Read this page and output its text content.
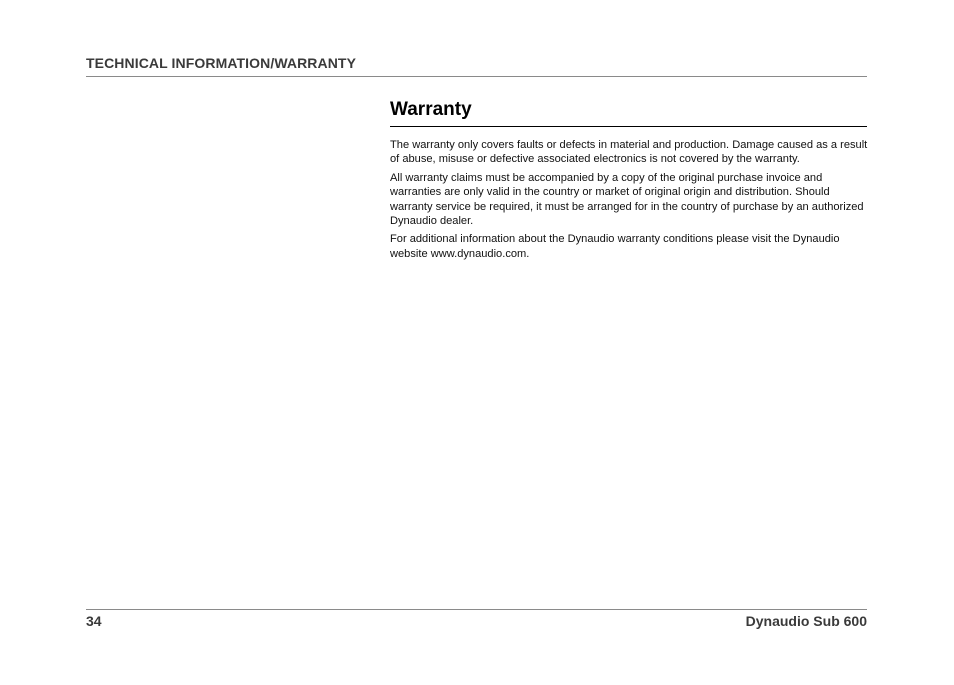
TECHNICAL INFORMATION/WARRANTY
Warranty

The warranty only covers faults or defects in material and production. Damage caused as a result of abuse, misuse or defective associated electronics is not covered by the warranty.

All warranty claims must be accompanied by a copy of the original purchase invoice and warranties are only valid in the country or market of original origin and distribution. Should warranty service be required, it must be arranged for in the country of purchase by an authorized Dynaudio dealer.

For additional information about the Dynaudio warranty conditions please visit the Dynaudio website www.dynaudio.com.

34	Dynaudio Sub 600
